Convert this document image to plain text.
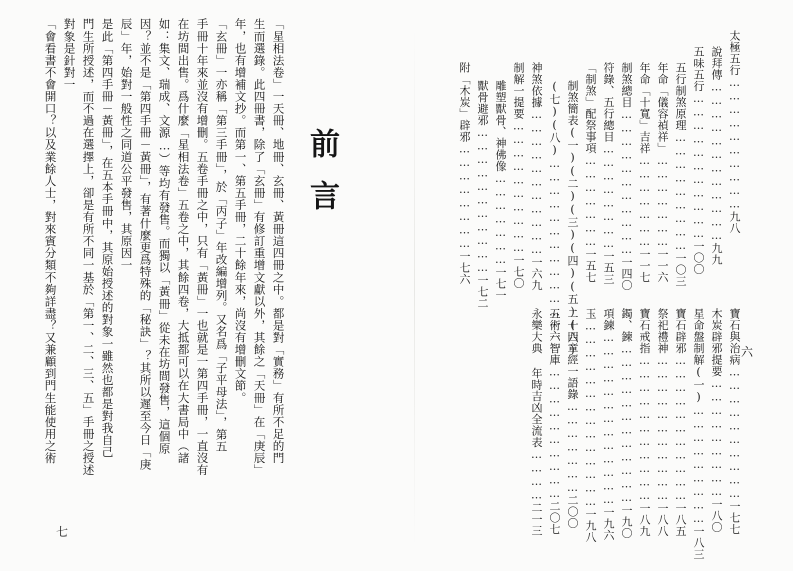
前言
「星相法卷」一天冊、地冊、玄冊、黃冊這四冊之中。都是對「實務」有所不足的門
生而選錄。此四冊書，除了「玄冊」有修訂重增文獻以外，其餘之「天冊」在「庚辰」
年，也有增補文抄。而第一、第五手冊，二十餘年來，尚沒有增刪文節。
「玄冊」一亦稱「第三手冊」，於「丙子」年改編增列。又名爲「子平母法」，第五
手冊十年來並沒有增刪。五卷手冊之中，只有「黃冊」一也就是一第四手冊，一直沒有
在坊間出售。爲什麼「星相法卷」五卷之中，其餘四卷，大抵都可以在大書局中（諸
如：集文、瑞成、文源…）等均有發售。而獨以「黃冊」從未在坊間發售，這個原
因？並不是「第四手冊－黃冊」，有著什麼更爲特殊的「秘訣」？其所以遲至今日「庚
辰」年，始對一般性之同道公平發售，其原因一
是此「第四手冊－黃冊」，在五本手冊中，其原始授述的對象一雖然也都是對我自己
門生所授述，而不過在選擇上，卻是有所不同一基於「第一、二、三、五」手冊之授述
對象是針對一
「會看書不會開口？以及業餘人士，對來賓分類不夠詳盡？又兼顧到門生能使用之術
七
太極五行…………………………九八
說拜傳………………………………九九
五味五行……………………………一〇〇
五行制煞原理………………………一〇三
年命「儀容禎祥」…………………一一六
年命「十寬」吉祥…………………一一七
制煞總目……………………………一四〇
符錄、五行總目……………………一五三
「制煞」配祭事項…………………一五七
制煞簡表(一)(二)(三)(四)(五)(六)
(七)(八)………………………………一六一
神煞依據……………………………一六九
制解一提要…………………………一七〇
雕塑獸骨、神佛像…………………一七一
獸骨避邪……………………………一七二
附「木炭」辟邪……………………一七六
寶石與治病…………………………一七七
木炭辟邪提要………………………一八〇
星命盤制解(一)………………………一八三
寶石辟邪……………………………一八五
祭祀禮神……………………………一八八
寶石戒指……………………………一八九
鐲、鍊………………………………一九〇
項鍊…………………………………一九六
玉……………………………………一九八
二十四章經一語錄…………………二〇〇
五術一智庫…………………………二〇七
永樂大典 年時吉凶全流表…………二一三	六
